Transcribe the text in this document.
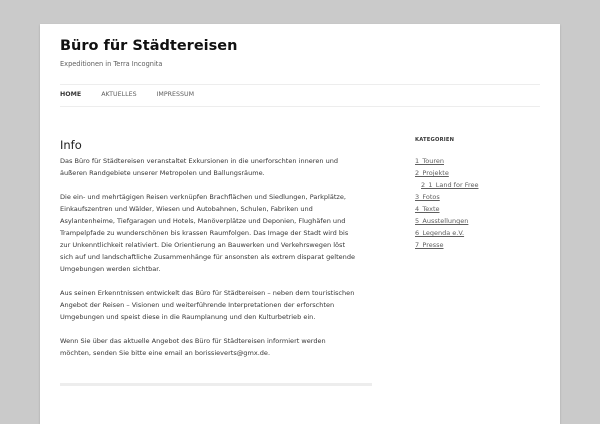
Büro für Städtereisen
Expeditionen in Terra Incognita
HOME	AKTUELLES	IMPRESSUM
Info

Das Büro für Städtereisen veranstaltet Exkursionen in die unerforschten inneren und
äußeren Randgebiete unserer Metropolen und Ballungsräume.

Die ein- und mehrtägigen Reisen verknüpfen Brachflächen und Siedlungen, Parkplätze,
Einkaufszentren und Wälder, Wiesen und Autobahnen, Schulen, Fabriken und
Asylantenheime, Tiefgaragen und Hotels, Manöverplätze und Deponien, Flughäfen und
Trampelpfade zu wunderschönen bis krassen Raumfolgen. Das Image der Stadt wird bis
zur Unkenntlichkeit relativiert. Die Orientierung an Bauwerken und Verkehrswegen löst
sich auf und landschaftliche Zusammenhänge für ansonsten als extrem disparat geltende
Umgebungen werden sichtbar.

Aus seinen Erkenntnissen entwickelt das Büro für Städtereisen – neben dem touristischen
Angebot der Reisen – Visionen und weiterführende Interpretationen der erforschten
Umgebungen und speist diese in die Raumplanung und den Kulturbetrieb ein.

Wenn Sie über das aktuelle Angebot des Büro für Städtereisen informiert werden
möchten, senden Sie bitte eine email an borissieverts@gmx.de.

KATEGORIEN
1_Touren
2_Projekte
2_1_Land for Free
3_Fotos
4_Texte
5_Ausstellungen
6_Legenda e.V.
7_Presse
